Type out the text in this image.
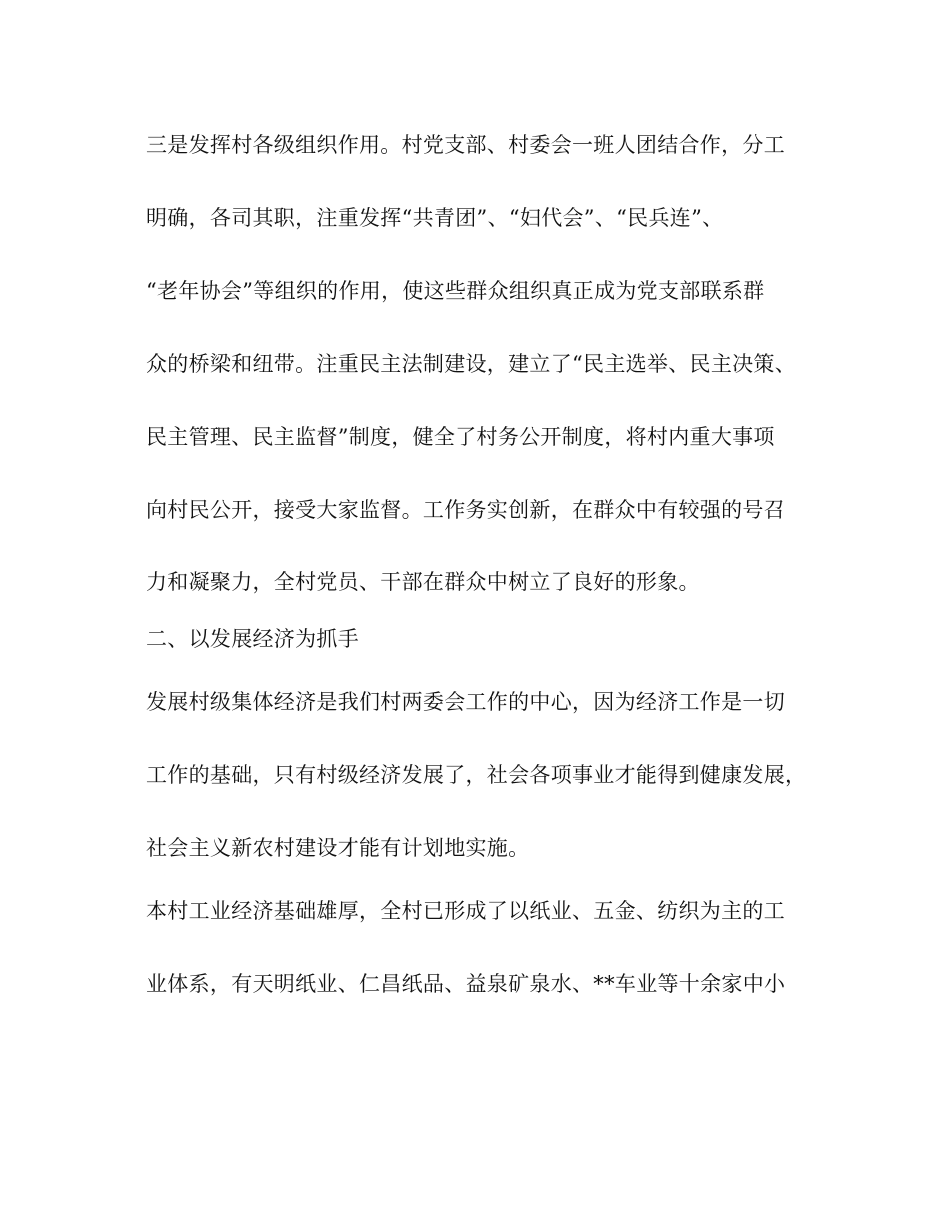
三是发挥村各级组织作用。村党支部、村委会一班人团结合作，分工
明确，各司其职，注重发挥“共青团”、“妇代会”、“民兵连”、
“老年协会”等组织的作用，使这些群众组织真正成为党支部联系群
众的桥梁和纽带。注重民主法制建设，建立了“民主选举、民主决策、
民主管理、民主监督”制度，健全了村务公开制度，将村内重大事项
向村民公开，接受大家监督。工作务实创新，在群众中有较强的号召
力和凝聚力，全村党员、干部在群众中树立了良好的形象。
二、以发展经济为抓手
发展村级集体经济是我们村两委会工作的中心，因为经济工作是一切
工作的基础，只有村级经济发展了，社会各项事业才能得到健康发展，
社会主义新农村建设才能有计划地实施。
本村工业经济基础雄厚，全村已形成了以纸业、五金、纺织为主的工
业体系，有天明纸业、仁昌纸品、益泉矿泉水、**车业等十余家中小
